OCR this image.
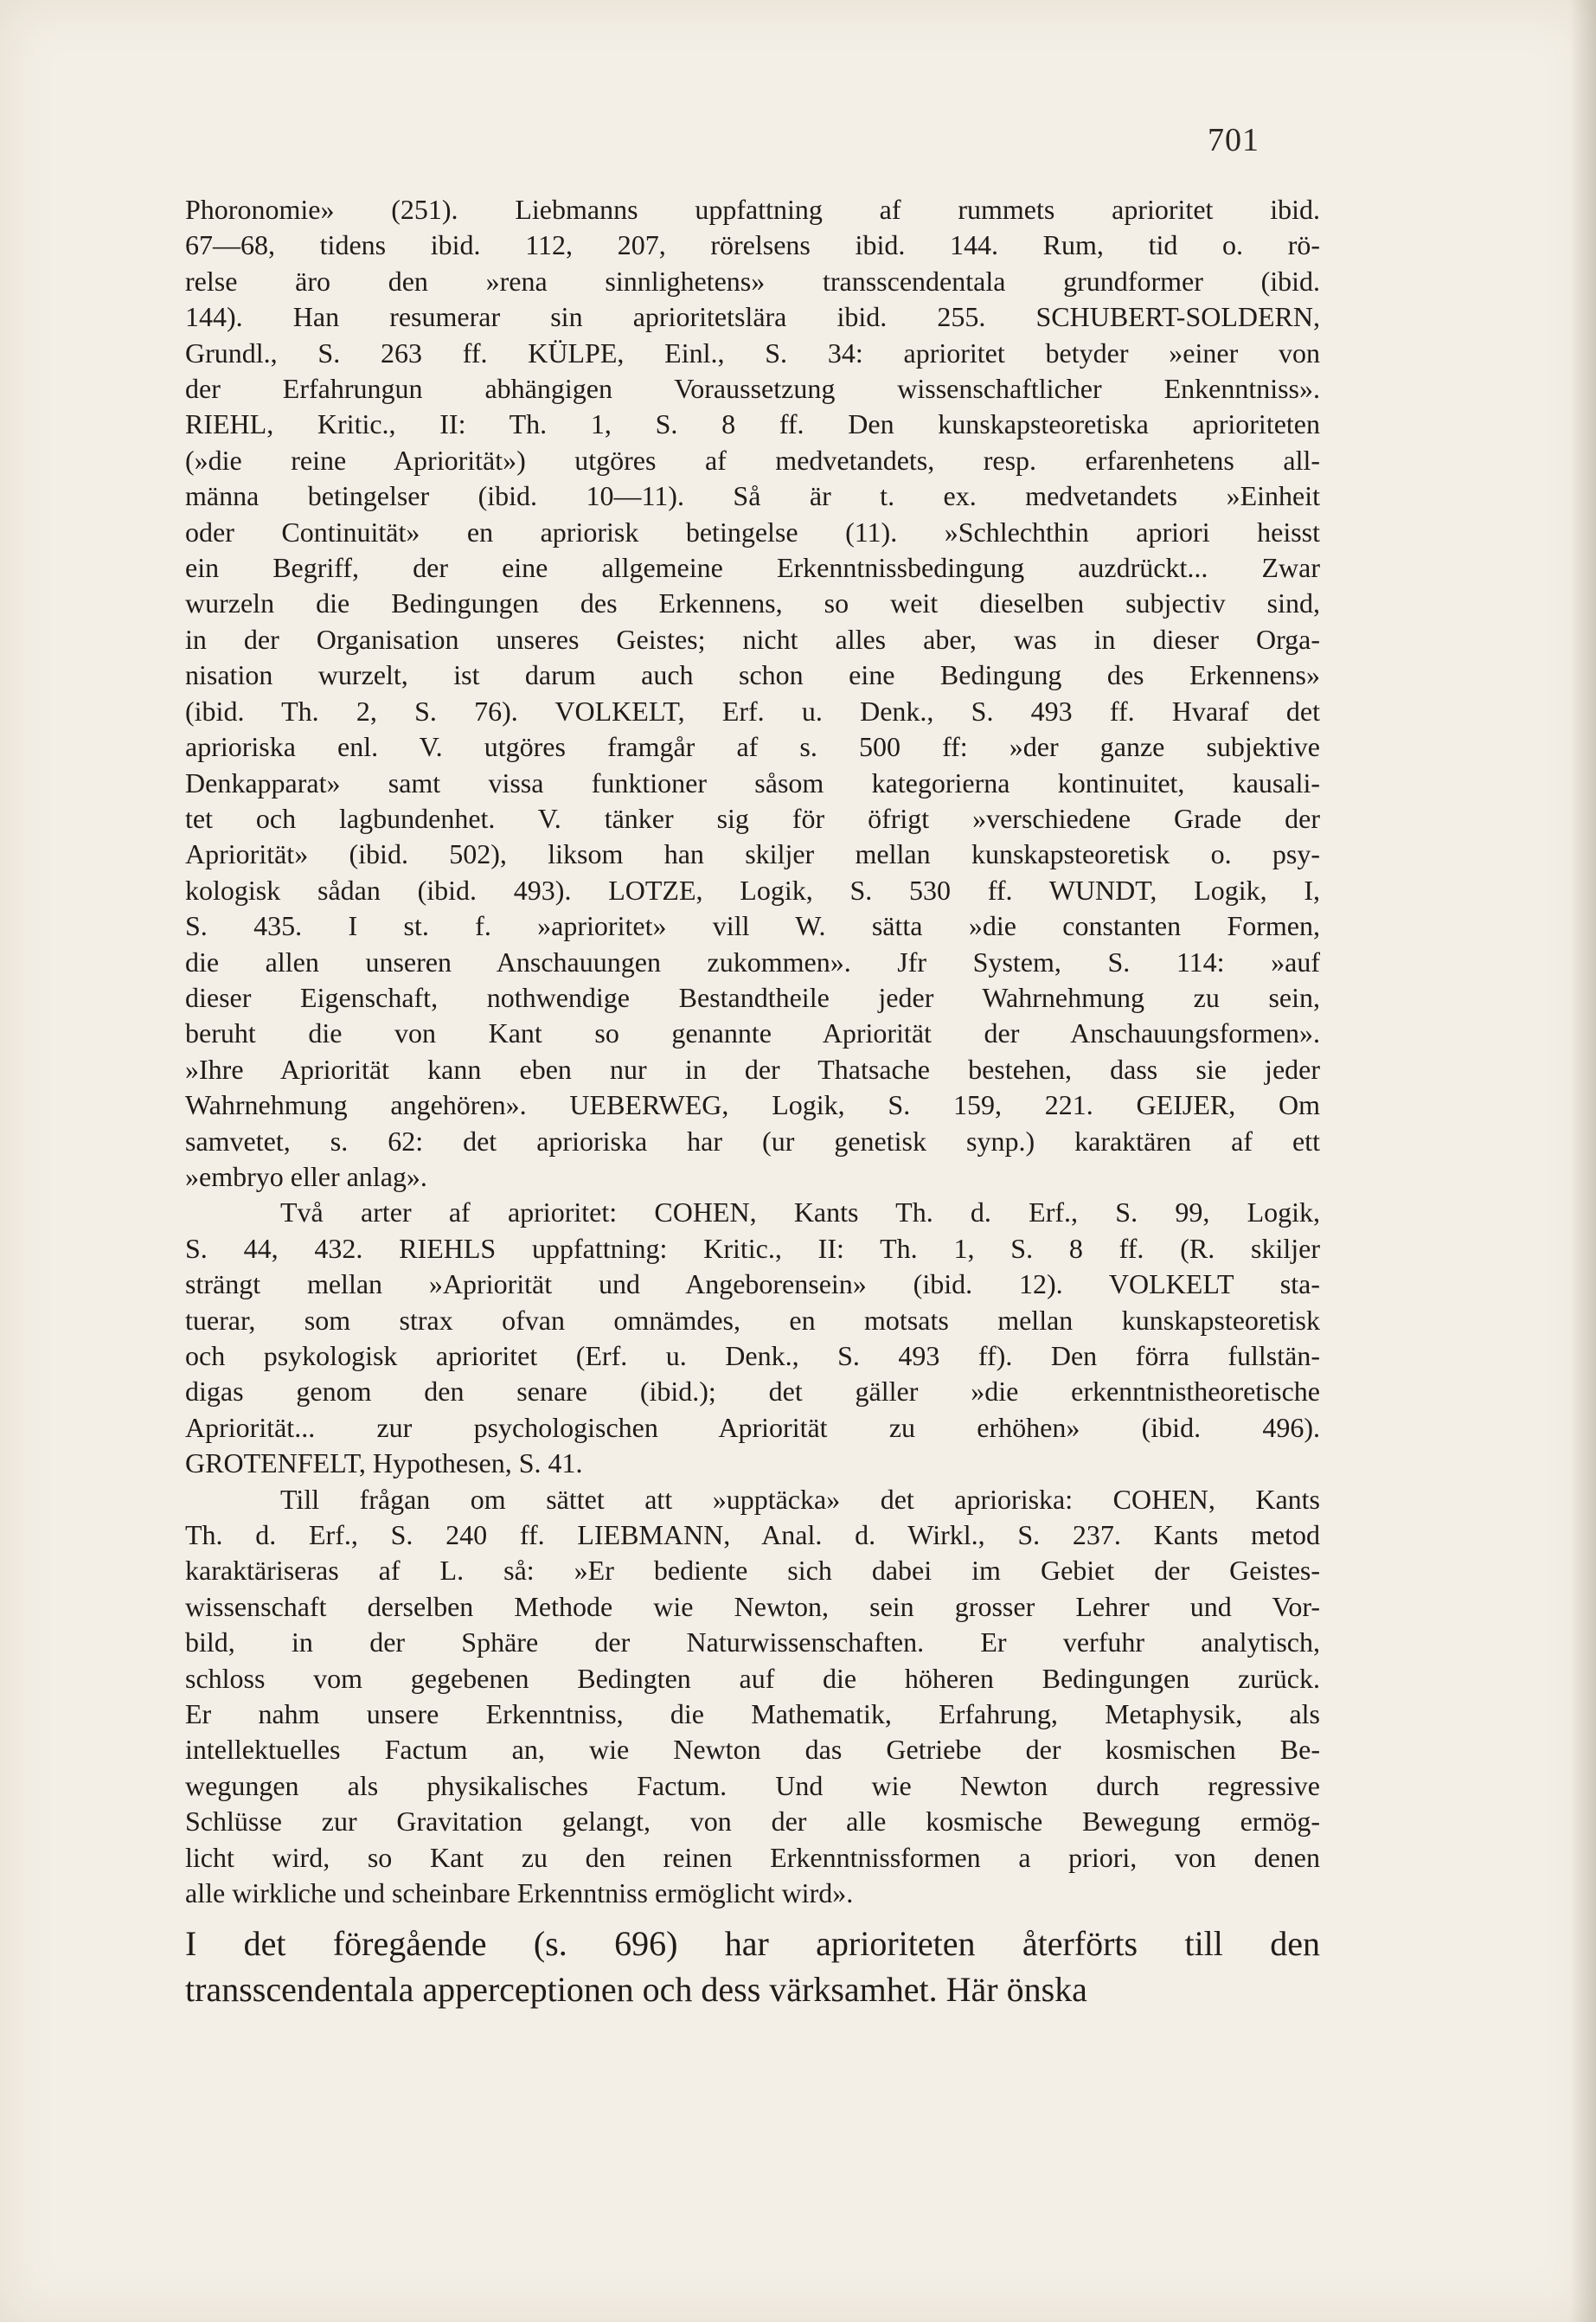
701
Phoronomie» (251). Liebmanns uppfattning af rummets aprioritet ibid.
67—68, tidens ibid. 112, 207, rörelsens ibid. 144. Rum, tid o. rö-
relse äro den »rena sinnlighetens» transscendentala grundformer (ibid.
144). Han resumerar sin aprioritetslära ibid. 255. SCHUBERT-SOLDERN,
Grundl., S. 263 ff. KÜLPE, Einl., S. 34: aprioritet betyder »einer von
der Erfahrungun abhängigen Voraussetzung wissenschaftlicher Enkenntniss».
RIEHL, Kritic., II: Th. 1, S. 8 ff. Den kunskapsteoretiska aprioriteten
(»die reine Apriorität») utgöres af medvetandets, resp. erfarenhetens all-
männa betingelser (ibid. 10—11). Så är t. ex. medvetandets »Einheit
oder Continuität» en apriorisk betingelse (11). »Schlechthin apriori heisst
ein Begriff, der eine allgemeine Erkenntnissbedingung auzdrückt... Zwar
wurzeln die Bedingungen des Erkennens, so weit dieselben subjectiv sind,
in der Organisation unseres Geistes; nicht alles aber, was in dieser Orga-
nisation wurzelt, ist darum auch schon eine Bedingung des Erkennens»
(ibid. Th. 2, S. 76). VOLKELT, Erf. u. Denk., S. 493 ff. Hvaraf det
aprioriska enl. V. utgöres framgår af s. 500 ff: »der ganze subjektive
Denkapparat» samt vissa funktioner såsom kategorierna kontinuitet, kausali-
tet och lagbundenhet. V. tänker sig för öfrigt »verschiedene Grade der
Apriorität» (ibid. 502), liksom han skiljer mellan kunskapsteoretisk o. psy-
kologisk sådan (ibid. 493). LOTZE, Logik, S. 530 ff. WUNDT, Logik, I,
S. 435. I st. f. »aprioritet» vill W. sätta »die constanten Formen,
die allen unseren Anschauungen zukommen». Jfr System, S. 114: »auf
dieser Eigenschaft, nothwendige Bestandtheile jeder Wahrnehmung zu sein,
beruht die von Kant so genannte Apriorität der Anschauungsformen».
»Ihre Apriorität kann eben nur in der Thatsache bestehen, dass sie jeder
Wahrnehmung angehören». UEBERWEG, Logik, S. 159, 221. GEIJER, Om
samvetet, s. 62: det aprioriska har (ur genetisk synp.) karaktären af ett
»embryo eller anlag».
Två arter af aprioritet: COHEN, Kants Th. d. Erf., S. 99, Logik,
S. 44, 432. RIEHLS uppfattning: Kritic., II: Th. 1, S. 8 ff. (R. skiljer
strängt mellan »Apriorität und Angeborensein» (ibid. 12). VOLKELT sta-
tuerar, som strax ofvan omnämdes, en motsats mellan kunskapsteoretisk
och psykologisk aprioritet (Erf. u. Denk., S. 493 ff). Den förra fullstän-
digas genom den senare (ibid.); det gäller »die erkenntnistheoretische
Apriorität... zur psychologischen Apriorität zu erhöhen» (ibid. 496).
GROTENFELT, Hypothesen, S. 41.
Till frågan om sättet att »upptäcka» det aprioriska: COHEN, Kants
Th. d. Erf., S. 240 ff. LIEBMANN, Anal. d. Wirkl., S. 237. Kants metod
karaktäriseras af L. så: »Er bediente sich dabei im Gebiet der Geistes-
wissenschaft derselben Methode wie Newton, sein grosser Lehrer und Vor-
bild, in der Sphäre der Naturwissenschaften. Er verfuhr analytisch,
schloss vom gegebenen Bedingten auf die höheren Bedingungen zurück.
Er nahm unsere Erkenntniss, die Mathematik, Erfahrung, Metaphysik, als
intellektuelles Factum an, wie Newton das Getriebe der kosmischen Be-
wegungen als physikalisches Factum. Und wie Newton durch regressive
Schlüsse zur Gravitation gelangt, von der alle kosmische Bewegung ermög-
licht wird, so Kant zu den reinen Erkenntnissformen a priori, von denen
alle wirkliche und scheinbare Erkenntniss ermöglicht wird».
I det föregående (s. 696) har aprioriteten återförts till den
transscendentala apperceptionen och dess värksamhet. Här önska
